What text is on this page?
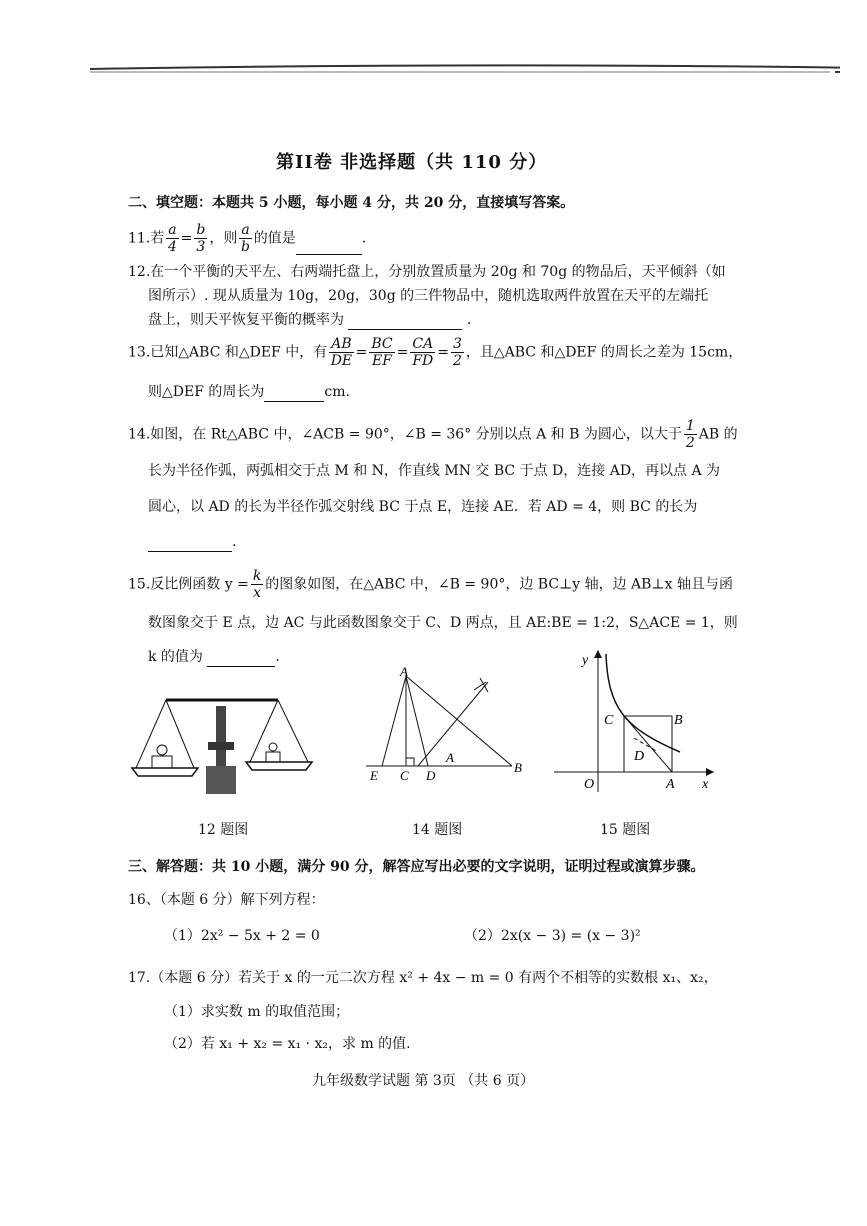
第II卷 非选择题（共 110 分）
二、填空题：本题共 5 小题，每小题 4 分，共 20 分，直接填写答案。
11.若 $\frac{a}{4} = \frac{b}{3}$ ，则 $\frac{a}{b}$ 的值是	.
12.在一个平衡的天平左、右两端托盘上，分别放置质量为 20g 和 70g 的物品后，天平倾斜（如
图所示）. 现从质量为 10g，20g，30g 的三件物品中，随机选取两件放置在天平的左端托
盘上，则天平恢复平衡的概率为	.
13.已知△ABC 和△DEF 中，有 $\frac{AB}{DE} = \frac{BC}{EF} = \frac{CA}{FD} = \frac{3}{2}$ ，且△ABC 和△DEF 的周长之差为 15cm，
则△DEF 的周长为	cm.
14.如图，在 Rt△ABC 中，∠ACB = 90°，∠B = 36° 分别以点 A 和 B 为圆心，以大于 $\frac{1}{2}$ AB 的
长为半径作弧，两弧相交于点 M 和 N，作直线 MN 交 BC 于点 D，连接 AD，再以点 A 为
圆心，以 AD 的长为半径作弧交射线 BC 于点 E，连接 AE．若 AD = 4，则 BC 的长为
.
15.反比例函数 $y = \frac{k}{x}$ 的图象如图，在△ABC 中，∠B = 90°，边 BC⊥y 轴，边 AB⊥x 轴且与函
数图象交于 E 点，边 AC 与此函数图象交于 C、D 两点，且 AE:BE = 1:2，S△ACE = 1，则
k 的值为	.
A
E C D
A
B
y
x
O
C	B
D
A
12 题图	14 题图	15 题图
三、解答题：共 10 小题，满分 90 分，解答应写出必要的文字说明，证明过程或演算步骤。
16、（本题 6 分）解下列方程：
（1）2x² − 5x + 2 = 0	（2）2x(x − 3) = (x − 3)²
17.（本题 6 分）若关于 x 的一元二次方程 x² + 4x − m = 0 有两个不相等的实数根 x₁、x₂，
（1）求实数 m 的取值范围；
（2）若 x₁ + x₂ = x₁ · x₂，求 m 的值.
九年级数学试题 第 3页 （共 6 页）
